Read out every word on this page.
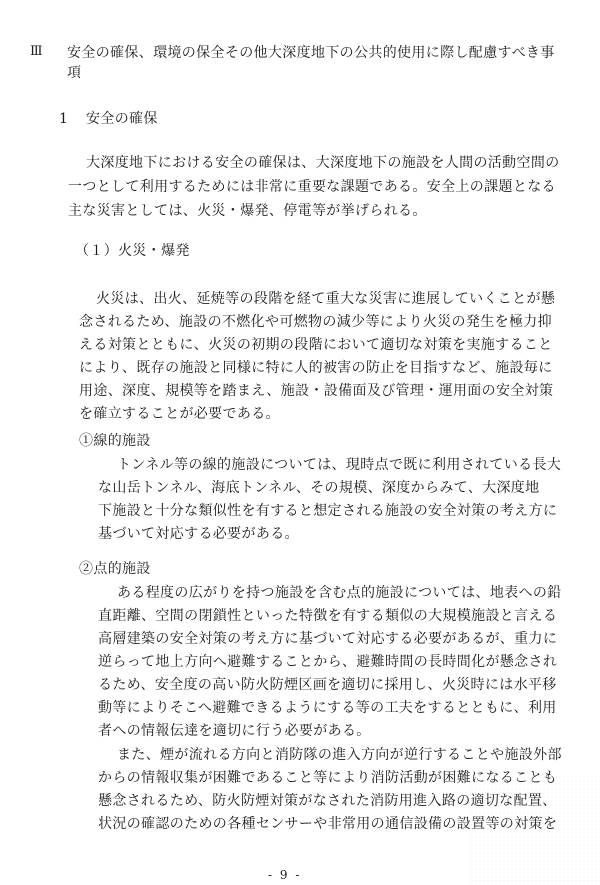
Ⅲ 安全の確保、環境の保全その他大深度地下の公共的使用に際し配慮すべき事
項
1 安全の確保
大深度地下における安全の確保は、大深度地下の施設を人間の活動空間の
一つとして利用するためには非常に重要な課題である。安全上の課題となる
主な災害としては、火災・爆発、停電等が挙げられる。
（１）火災・爆発
火災は、出火、延焼等の段階を経て重大な災害に進展していくことが懸
念されるため、施設の不燃化や可燃物の減少等により火災の発生を極力抑
える対策とともに、火災の初期の段階において適切な対策を実施すること
により、既存の施設と同様に特に人的被害の防止を目指すなど、施設毎に
用途、深度、規模等を踏まえ、施設・設備面及び管理・運用面の安全対策
を確立することが必要である。
①線的施設
トンネル等の線的施設については、現時点で既に利用されている長大
な山岳トンネル、海底トンネル、その規模、深度からみて、大深度地
下施設と十分な類似性を有すると想定される施設の安全対策の考え方に
基づいて対応する必要がある。
②点的施設
ある程度の広がりを持つ施設を含む点的施設については、地表への鉛
直距離、空間の閉鎖性といった特徴を有する類似の大規模施設と言える
高層建築の安全対策の考え方に基づいて対応する必要があるが、重力に
逆らって地上方向へ避難することから、避難時間の長時間化が懸念され
るため、安全度の高い防火防煙区画を適切に採用し、火災時には水平移
動等によりそこへ避難できるようにする等の工夫をするとともに、利用
者への情報伝達を適切に行う必要がある。
また、煙が流れる方向と消防隊の進入方向が逆行することや施設外部
からの情報収集が困難であること等により消防活動が困難になることも
懸念されるため、防火防煙対策がなされた消防用進入路の適切な配置、
状況の確認のための各種センサーや非常用の通信設備の設置等の対策を
- 9 -
